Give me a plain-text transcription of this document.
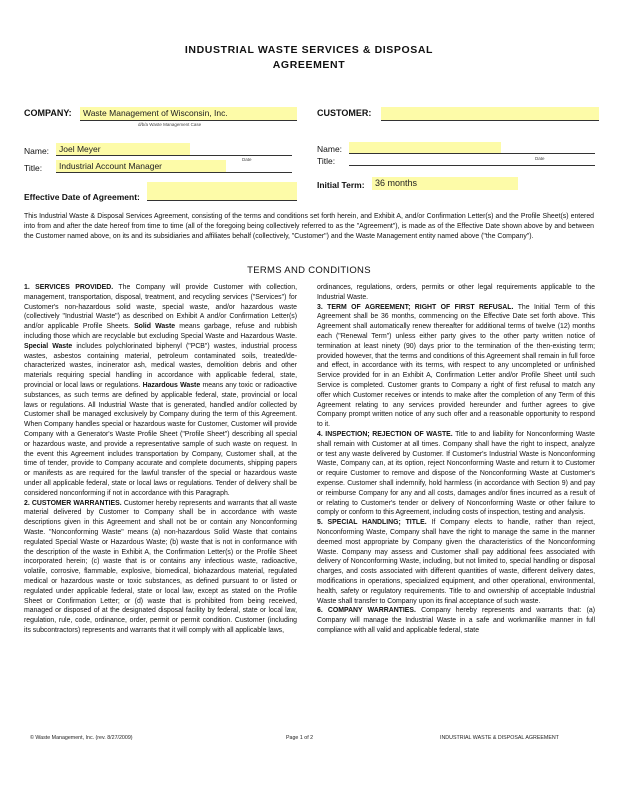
INDUSTRIAL WASTE SERVICES & DISPOSAL
AGREEMENT
COMPANY:	Waste Management of Wisconsin, Inc.
d/b/a Waste Management Case
CUSTOMER:
Name:	Joel Meyer
Title:	Industrial Account Manager
Date
Name:
Title:	Date
Initial Term:	36 months
Effective Date of Agreement:
This Industrial Waste & Disposal Services Agreement, consisting of the terms and conditions set forth herein, and Exhibit A, and/or Confirmation Letter(s) and the Profile Sheet(s) entered into from and after the date hereof from time to time (all of the foregoing being collectively referred to as the "Agreement"), is made as of the Effective Date shown above by and between the Customer named above, on its and its subsidiaries and affiliates behalf (collectively, "Customer") and the Waste Management entity named above ("the Company").
TERMS AND CONDITIONS

1. SERVICES PROVIDED. The Company will provide Customer with collection, management, transportation, disposal, treatment, and recycling services ("Services") for Customer's non-hazardous solid waste, special waste, and/or hazardous waste (collectively "Industrial Waste") as described on Exhibit A and/or Confirmation Letter(s) and/or applicable Profile Sheets. Solid Waste means garbage, refuse and rubbish including those which are recyclable but excluding Special Waste and Hazardous Waste. Special Waste includes polychlorinated biphenyl ("PCB") wastes, industrial process wastes, asbestos containing material, petroleum contaminated soils, treated/de-characterized wastes, incinerator ash, medical wastes, demolition debris and other materials requiring special handling in accordance with applicable federal, state, provincial or local laws or regulations. Hazardous Waste means any toxic or radioactive substances, as such terms are defined by applicable federal, state, provincial or local laws or regulations. All Industrial Waste that is generated, handled and/or collected by Customer shall be managed exclusively by Company during the term of this Agreement. When Company handles special or hazardous waste for Customer, Customer will provide Company with a Generator's Waste Profile Sheet ("Profile Sheet") describing all special or hazardous waste, and provide a representative sample of such waste on request. In the event this Agreement includes transportation by Company, Customer shall, at the time of tender, provide to Company accurate and complete documents, shipping papers or manifests as are required for the lawful transfer of the special or hazardous waste under all applicable federal, state or local laws or regulations. Tender of delivery shall be considered nonconforming if not in accordance with this Paragraph.

2. CUSTOMER WARRANTIES. Customer hereby represents and warrants that all waste material delivered by Customer to Company shall be in accordance with waste descriptions given in this Agreement and shall not be or contain any Nonconforming Waste. "Nonconforming Waste" means (a) non-hazardous Solid Waste that contains regulated Special Waste or Hazardous Waste; (b) waste that is not in conformance with the description of the waste in Exhibit A, the Confirmation Letter(s) or the Profile Sheet incorporated herein; (c) waste that is or contains any infectious waste, radioactive, volatile, corrosive, flammable, explosive, biomedical, biohazardous material, regulated medical or hazardous waste or toxic substances, as defined pursuant to or listed or regulated under applicable federal, state or local law, except as stated on the Profile Sheet or Confirmation Letter; or (d) waste that is prohibited from being received, managed or disposed of at the designated disposal facility by federal, state or local law, regulation, rule, code, ordinance, order, permit or permit condition. Customer (including its subcontractors) represents and warrants that it will comply with all applicable laws,

ordinances, regulations, orders, permits or other legal requirements applicable to the Industrial Waste.

3. TERM OF AGREEMENT; RIGHT OF FIRST REFUSAL. The Initial Term of this Agreement shall be 36 months, commencing on the Effective Date set forth above. This Agreement shall automatically renew thereafter for additional terms of twelve (12) months each ("Renewal Term") unless either party gives to the other party written notice of termination at least ninety (90) days prior to the termination of the then-existing term; provided however, that the terms and conditions of this Agreement shall remain in full force and effect, in accordance with its terms, with respect to any uncompleted or unfinished Service provided for in an Exhibit A, Confirmation Letter and/or Profile Sheet until such Service is completed. Customer grants to Company a right of first refusal to match any offer which Customer receives or intends to make after the completion of any Term of this Agreement relating to any services provided hereunder and further agrees to give Company prompt written notice of any such offer and a reasonable opportunity to respond to it.

4. INSPECTION; REJECTION OF WASTE. Title to and liability for Nonconforming Waste shall remain with Customer at all times. Company shall have the right to inspect, analyze or test any waste delivered by Customer. If Customer's Industrial Waste is Nonconforming Waste, Company can, at its option, reject Nonconforming Waste and return it to Customer or require Customer to remove and dispose of the Nonconforming Waste at Customer's expense. Customer shall indemnify, hold harmless (in accordance with Section 9) and pay or reimburse Company for any and all costs, damages and/or fines incurred as a result of or relating to Customer's tender or delivery of Nonconforming Waste or other failure to comply or conform to this Agreement, including costs of inspection, testing and analysis.

5. SPECIAL HANDLING; TITLE. If Company elects to handle, rather than reject, Nonconforming Waste, Company shall have the right to manage the same in the manner deemed most appropriate by Company given the characteristics of the Nonconforming Waste. Company may assess and Customer shall pay additional fees associated with delivery of Nonconforming Waste, including, but not limited to, special handling or disposal charges, and costs associated with different quantities of waste, different delivery dates, modifications in operations, specialized equipment, and other operational, environmental, health, safety or regulatory requirements. Title to and ownership of acceptable Industrial Waste shall transfer to Company upon its final acceptance of such waste.

6. COMPANY WARRANTIES. Company hereby represents and warrants that: (a) Company will manage the Industrial Waste in a safe and workmanlike manner in full compliance with all valid and applicable federal, state

© Waste Management, Inc. (rev. 8/27/2009)	Page 1 of 2	INDUSTRIAL WASTE & DISPOSAL AGREEMENT
